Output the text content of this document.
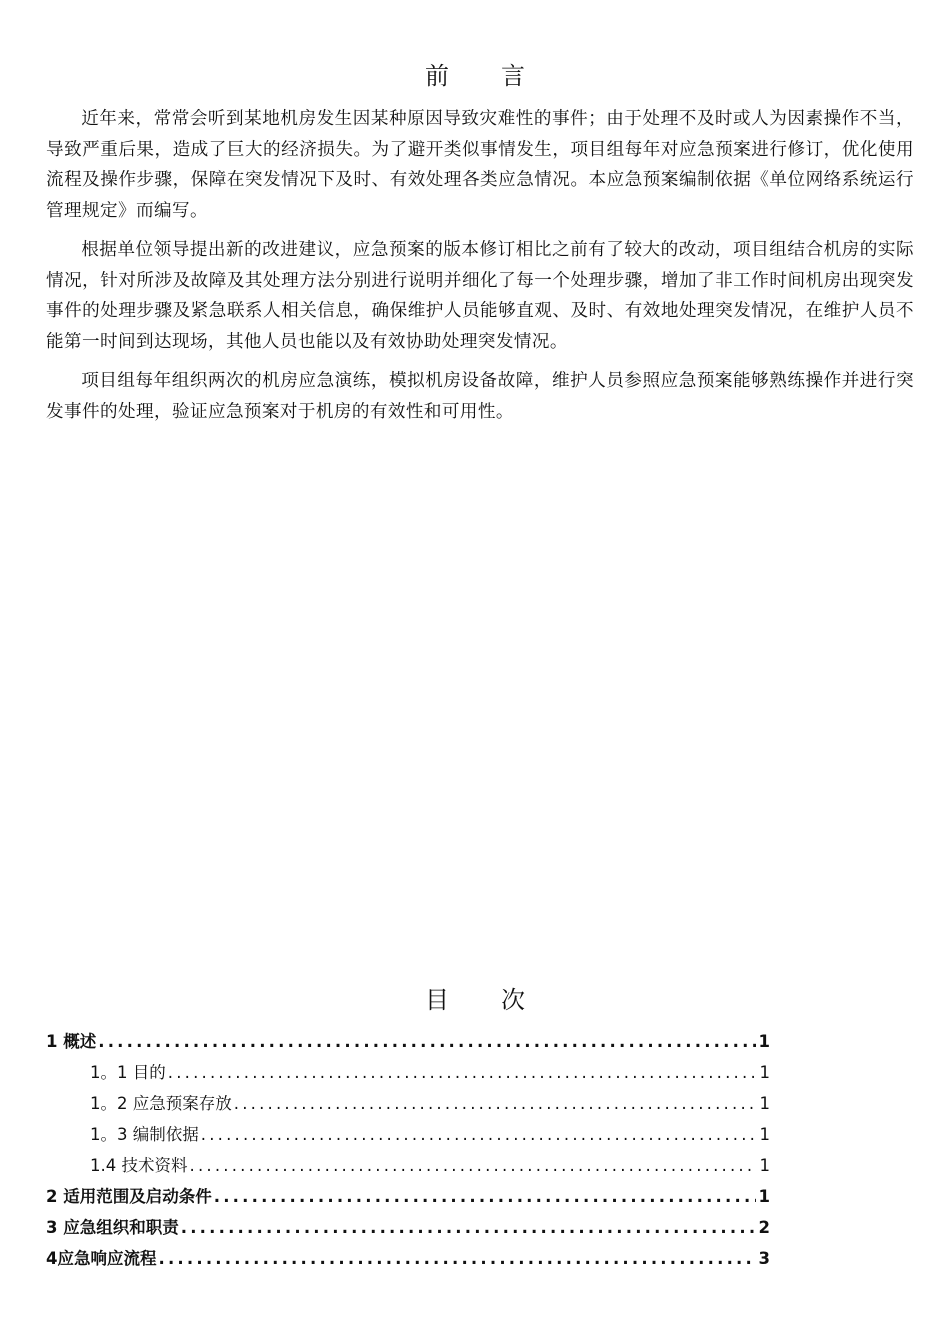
前言

近年来，常常会听到某地机房发生因某种原因导致灾难性的事件；由于处理不及时或人为因素操作不当，导致严重后果，造成了巨大的经济损失。为了避开类似事情发生，项目组每年对应急预案进行修订，优化使用流程及操作步骤，保障在突发情况下及时、有效处理各类应急情况。本应急预案编制依据《单位网络系统运行管理规定》而编写。

根据单位领导提出新的改进建议，应急预案的版本修订相比之前有了较大的改动，项目组结合机房的实际情况，针对所涉及故障及其处理方法分别进行说明并细化了每一个处理步骤，增加了非工作时间机房出现突发事件的处理步骤及紧急联系人相关信息，确保维护人员能够直观、及时、有效地处理突发情况，在维护人员不能第一时间到达现场，其他人员也能以及有效协助处理突发情况。

项目组每年组织两次的机房应急演练，模拟机房设备故障，维护人员参照应急预案能够熟练操作并进行突发事件的处理，验证应急预案对于机房的有效性和可用性。

目次
1 概述 .....	1
1。1 目的 .....	1
1。2 应急预案存放 .....	1
1。3 编制依据 .....	1
1.4 技术资料 .....	1
2 适用范围及启动条件 .....	1
3 应急组织和职责 .....	2
4应急响应流程 .....	3
